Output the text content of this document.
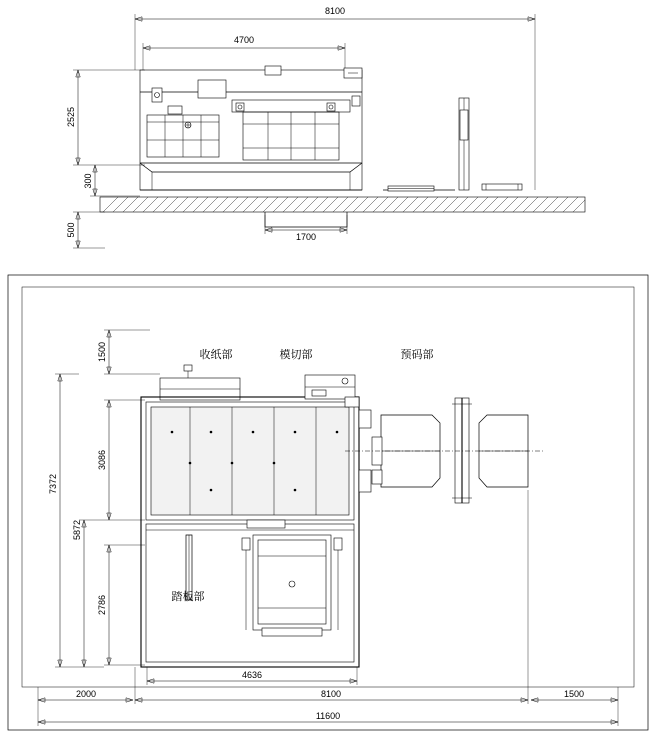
8100
4700
2525
300
500	1700
收纸部	模切部	预码部
踏板部
1500
3086
2786
5872
7372
4636
8100
2000	1500
11600
